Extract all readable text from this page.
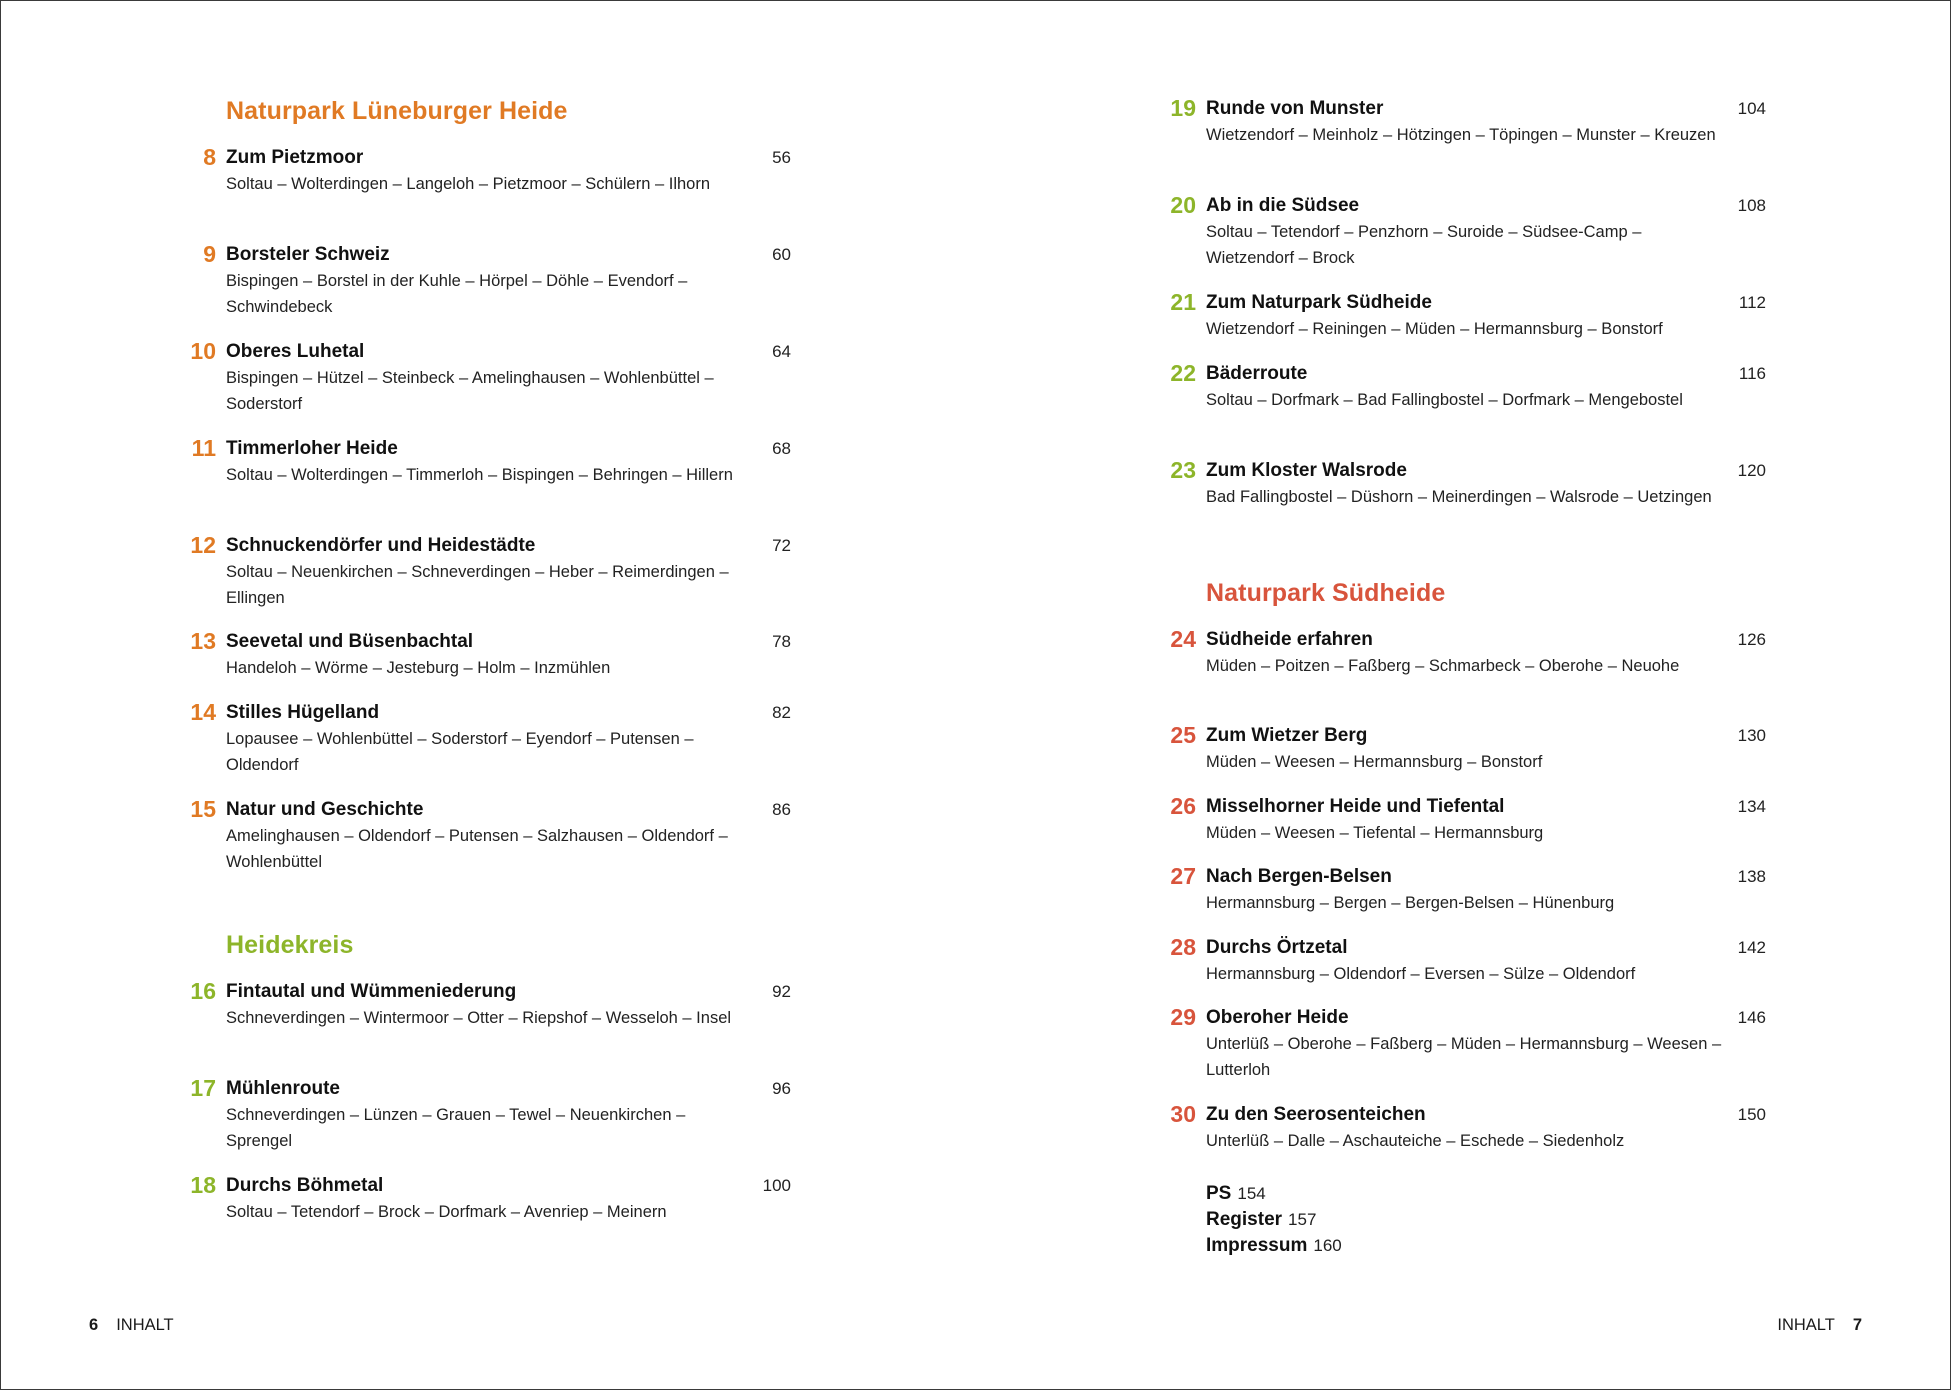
Naturpark Lüneburger Heide
8 Zum Pietzmoor	56
Soltau – Wolterdingen – Langeloh – Pietzmoor – Schülern – Ilhorn
9 Borsteler Schweiz	60
Bispingen – Borstel in der Kuhle – Hörpel – Döhle – Evendorf – Schwindebeck
10 Oberes Luhetal	64
Bispingen – Hützel – Steinbeck – Amelinghausen – Wohlenbüttel – Soderstorf
11 Timmerloher Heide	68
Soltau – Wolterdingen – Timmerloh – Bispingen – Behringen – Hillern
12 Schnuckendörfer und Heidestädte	72
Soltau – Neuenkirchen – Schneverdingen – Heber – Reimerdingen – Ellingen
13 Seevetal und Büsenbachtal	78
Handeloh – Wörme – Jesteburg – Holm – Inzmühlen
14 Stilles Hügelland	82
Lopausee – Wohlenbüttel – Soderstorf – Eyendorf – Putensen – Oldendorf
15 Natur und Geschichte	86
Amelinghausen – Oldendorf – Putensen – Salzhausen – Oldendorf – Wohlenbüttel
Heidekreis
16 Fintautal und Wümmeniederung	92
Schneverdingen – Wintermoor – Otter – Riepshof – Wesseloh – Insel
17 Mühlenroute	96
Schneverdingen – Lünzen – Grauen – Tewel – Neuenkirchen – Sprengel
18 Durchs Böhmetal	100
Soltau – Tetendorf – Brock – Dorfmark – Avenriep – Meinern
19 Runde von Munster	104
Wietzendorf – Meinholz – Hötzingen – Töpingen – Munster – Kreuzen
20 Ab in die Südsee	108
Soltau – Tetendorf – Penzhorn – Suroide – Südsee-Camp – Wietzendorf – Brock
21 Zum Naturpark Südheide	112
Wietzendorf – Reiningen – Müden – Hermannsburg – Bonstorf
22 Bäderroute	116
Soltau – Dorfmark – Bad Fallingbostel – Dorfmark – Mengebostel
23 Zum Kloster Walsrode	120
Bad Fallingbostel – Düshorn – Meinerdingen – Walsrode – Uetzingen
Naturpark Südheide
24 Südheide erfahren	126
Müden – Poitzen – Faßberg – Schmarbeck – Oberohe – Neuohe
25 Zum Wietzer Berg	130
Müden – Weesen – Hermannsburg – Bonstorf
26 Misselhorner Heide und Tiefental	134
Müden – Weesen – Tiefental – Hermannsburg
27 Nach Bergen-Belsen	138
Hermannsburg – Bergen – Bergen-Belsen – Hünenburg
28 Durchs Örtzetal	142
Hermannsburg – Oldendorf – Eversen – Sülze – Oldendorf
29 Oberoher Heide	146
Unterlüß – Oberohe – Faßberg – Müden – Hermannsburg – Weesen – Lutterloh
30 Zu den Seerosenteichen	150
Unterlüß – Dalle – Aschauteiche – Eschede – Siedenholz
PS 154
Register 157
Impressum 160
6 INHALT	INHALT 7
